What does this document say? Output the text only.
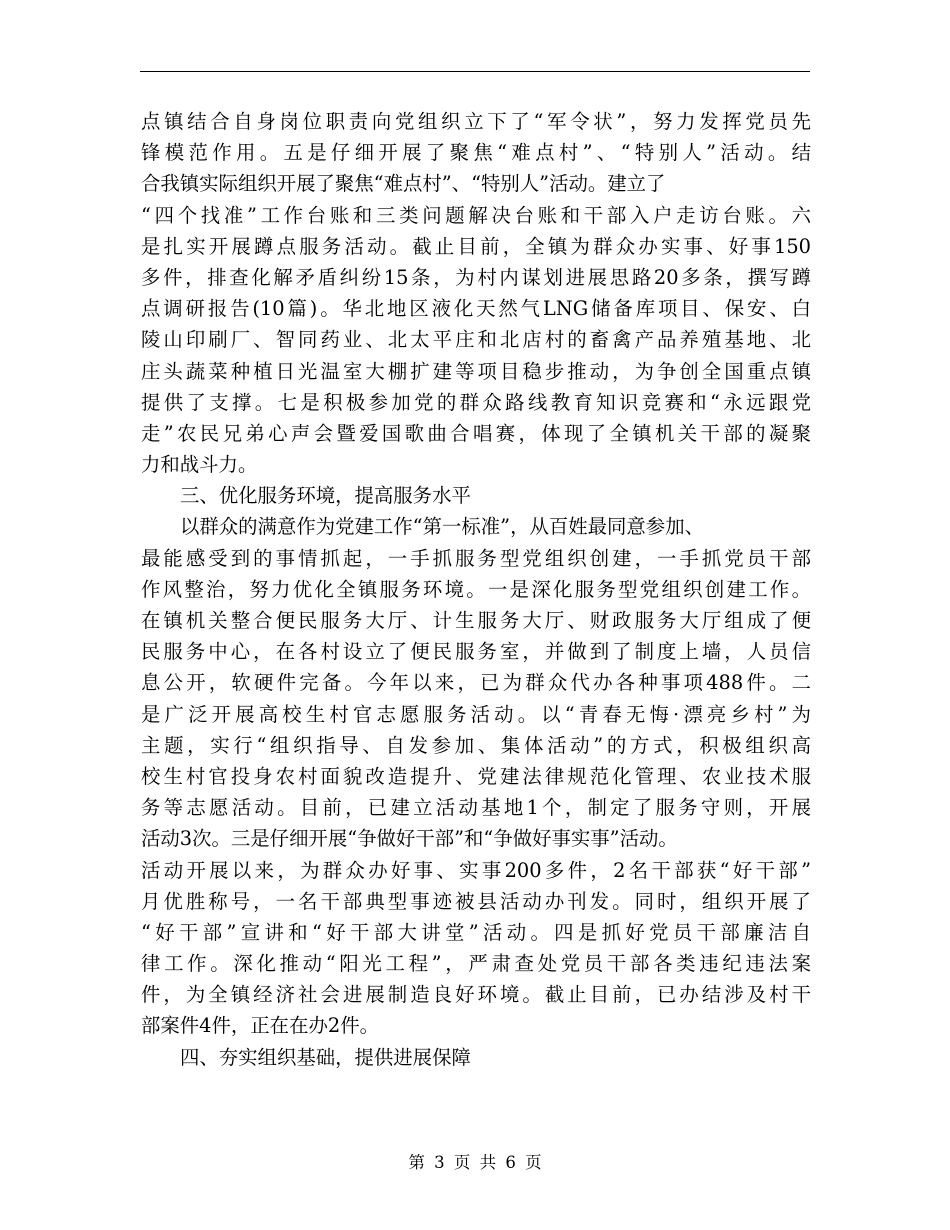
点镇结合自身岗位职责向党组织立下了“军令状”，努力发挥党员先
锋模范作用。五是仔细开展了聚焦“难点村”、“特别人”活动。结
合我镇实际组织开展了聚焦“难点村”、“特别人”活动。建立了
“四个找准”工作台账和三类问题解决台账和干部入户走访台账。六
是扎实开展蹲点服务活动。截止目前，全镇为群众办实事、好事150
多件，排查化解矛盾纠纷15条，为村内谋划进展思路20多条，撰写蹲
点调研报告(10篇)。华北地区液化天然气LNG储备库项目、保安、白
陵山印刷厂、智同药业、北太平庄和北店村的畜禽产品养殖基地、北
庄头蔬菜种植日光温室大棚扩建等项目稳步推动，为争创全国重点镇
提供了支撑。七是积极参加党的群众路线教育知识竞赛和“永远跟党
走”农民兄弟心声会暨爱国歌曲合唱赛，体现了全镇机关干部的凝聚
力和战斗力。
三、优化服务环境，提高服务水平
以群众的满意作为党建工作“第一标准”，从百姓最同意参加、
最能感受到的事情抓起，一手抓服务型党组织创建，一手抓党员干部
作风整治，努力优化全镇服务环境。一是深化服务型党组织创建工作。
在镇机关整合便民服务大厅、计生服务大厅、财政服务大厅组成了便
民服务中心，在各村设立了便民服务室，并做到了制度上墙，人员信
息公开，软硬件完备。今年以来，已为群众代办各种事项488件。二
是广泛开展高校生村官志愿服务活动。以“青春无悔·漂亮乡村”为
主题，实行“组织指导、自发参加、集体活动”的方式，积极组织高
校生村官投身农村面貌改造提升、党建法律规范化管理、农业技术服
务等志愿活动。目前，已建立活动基地1个，制定了服务守则，开展
活动3次。三是仔细开展“争做好干部”和“争做好事实事”活动。
活动开展以来，为群众办好事、实事200多件，2名干部获“好干部”
月优胜称号，一名干部典型事迹被县活动办刊发。同时，组织开展了
“好干部”宣讲和“好干部大讲堂”活动。四是抓好党员干部廉洁自
律工作。深化推动“阳光工程”，严肃查处党员干部各类违纪违法案
件，为全镇经济社会进展制造良好环境。截止目前，已办结涉及村干
部案件4件，正在在办2件。
四、夯实组织基础，提供进展保障
第 3 页 共 6 页
